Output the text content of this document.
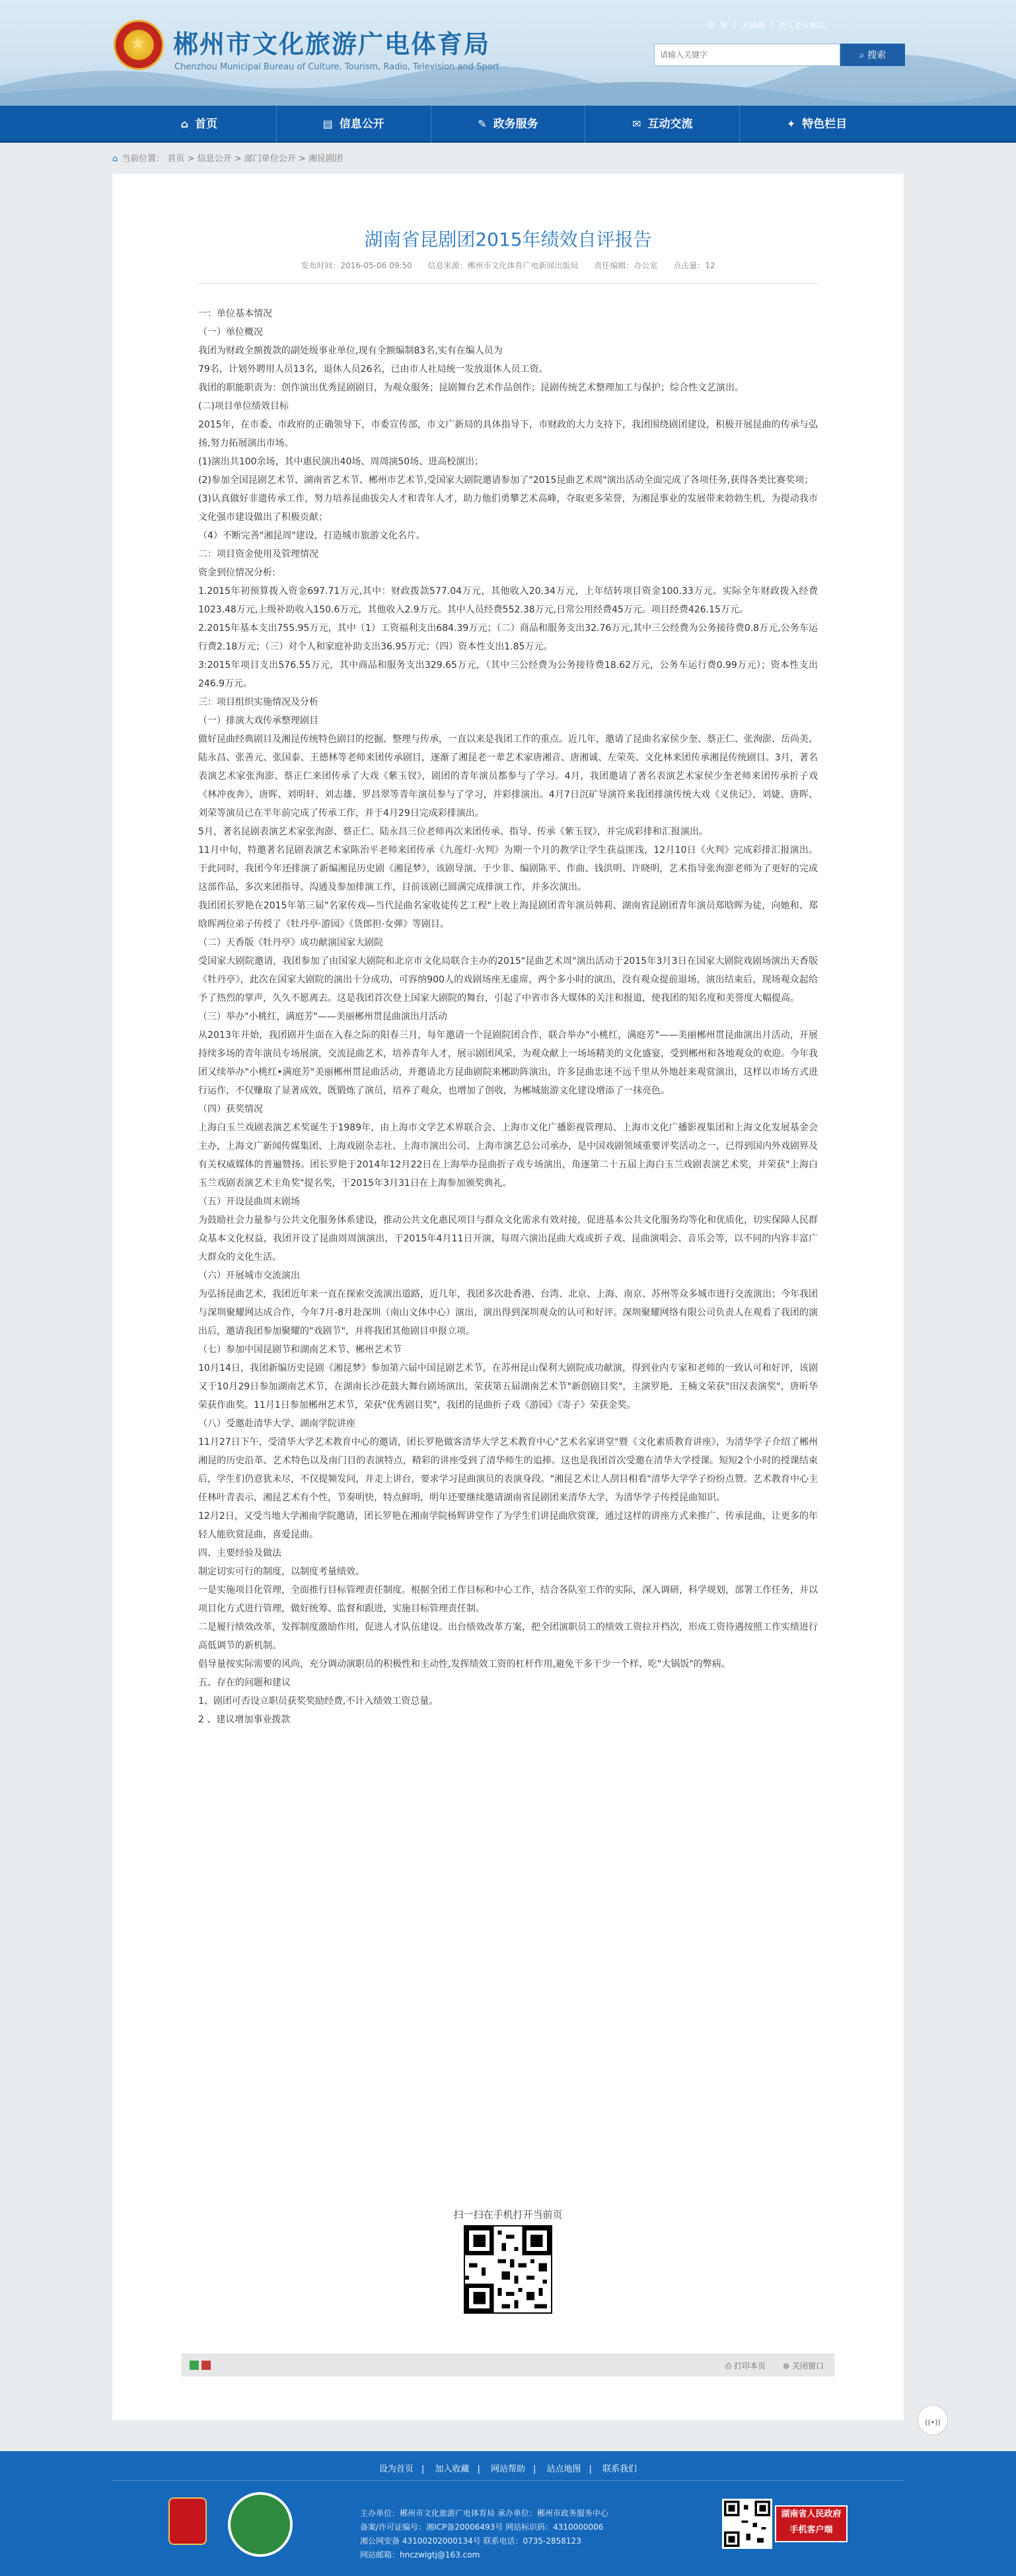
★ 郴州市文化旅游广电体育局
Chenzhou Municipal Bureau of Culture, Tourism, Radio, Television and Sport
简 繁 | 无障碍 | 进入老年模式
请输入关键字
⌕ 搜索
⌂ 首页	▤ 信息公开	✎ 政务服务	✉ 互动交流	✦ 特色栏目
⌂ 当前位置： 首页 > 信息公开 > 部门单位公开 > 湘昆剧团
湖南省昆剧团2015年绩效自评报告
发布时间：2016-05-06 09:50 信息来源：郴州市文化体育广电新闻出版局 责任编辑：办公室 点击量：12

一：单位基本情况

（一）单位概况

我团为财政全额拨款的副处级事业单位,现有全额编制83名,实有在编人员为

79名，计划外聘用人员13名，退休人员26名，已由市人社局统一发放退休人员工资。

我团的职能职责为：创作演出优秀昆剧剧目，为观众服务；昆剧舞台艺术作品创作；昆剧传统艺术整理加工与保护；综合性文艺演出。

(二)项目单位绩效目标

2015年，在市委、市政府的正确领导下，市委宣传部，市文广新局的具体指导下，市财政的大力支持下，我团围绕剧团建设，积极开展昆曲的传承与弘扬,努力拓展演出市场。

(1)演出共100余场，其中惠民演出40场、周周演50场、进高校演出；

(2)参加全国昆剧艺术节、湖南省艺术节、郴州市艺术节,受国家大剧院邀请参加了"2015昆曲艺术周"演出活动全面完成了各项任务,获得各类比赛奖项；

(3)认真做好非遗传承工作，努力培养昆曲拔尖人才和青年人才，助力他们勇攀艺术高峰，夺取更多荣誉，为湘昆事业的发展带来勃勃生机，为提动我市文化强市建设做出了积极贡献；

（4）不断完善"湘昆周"建设，打造城市旅游文化名片。

二：项目资金使用及管理情况

资金到位情况分析:

1.2015年初预算拨入资金697.71万元,其中：财政拨款577.04万元，其他收入20.34万元，上年结转项目资金100.33万元。实际全年财政拨入经费1023.48万元,上级补助收入150.6万元，其他收入2.9万元。其中人员经费552.38万元,日常公用经费45万元。项目经费426.15万元。

2.2015年基本支出755.95万元，其中（1）工资福利支出684.39万元；（二）商品和服务支出32.76万元,其中三公经费为公务接待费0.8万元,公务车运行费2.18万元；（三）对个人和家庭补助支出36.95万元；（四）资本性支出1.85万元。

3:2015年项目支出576.55万元，其中商品和服务支出329.65万元，（其中三公经费为公务接待费18.62万元，公务车运行费0.99万元）；资本性支出246.9万元。

三：项目组织实施情况及分析

（一）排演大戏传承整理剧目

做好昆曲经典剧目及湘昆传统特色剧目的挖掘、整理与传承，一直以来是我团工作的重点。近几年，邀请了昆曲名家侯少奎、蔡正仁、张洵澎、岳尚美、陆永昌、张善元、张国泰、王德林等老师来团传承剧目，逐渐了湘昆老一辈艺术家唐湘音、唐湘诚、左荣英、文化林来团传承湘昆传统剧目。3月，著名表演艺术家张洵澎、蔡正仁来团传承了大戏《紫玉钗》，剧团的青年演员都参与了学习。4月，我团邀请了著名表演艺术家侯少奎老师来团传承折子戏《林冲夜奔》，唐晖、刘明轩、刘志雄、罗昌翠等青年演员参与了学习，并彩排演出。4月7日沉矿导演符来我团排演传统大戏《义侠记》，刘婕、唐晖、刘荣等演员已在半年前完成了传承工作，并于4月29日完成彩排演出。

5月，著名昆剧表演艺术家张洵澎、蔡正仁、陆永昌三位老师再次来团传承、指导、传承《紫玉钗》，并完成彩排和汇报演出。

11月中旬，特邀著名昆剧表演艺术家陈治平老师来团传承《九莲灯·火判》为期一个月的教学让学生获益匪浅，12月10日《火判》完成彩排汇报演出。于此同时，我团今年还排演了新编湘昆历史剧《湘昆梦》，该剧导演、于少非、编剧陈平、作曲、钱洪明、许晓明，艺术指导张洵澎老师为了更好的完成这部作品，多次来团指导、沟通及参加排演工作，目前该剧已圆满完成排演工作，并多次演出。

我团团长罗艳在2015年第三届"名家传戏—当代昆曲名家收徒传艺工程"上收上海昆剧团青年演员韩莉、湖南省昆剧团青年演员郑晗晖为徒，向她和、郑晗晖两位弟子传授了《牡丹亭·游园》《货郎担·女弹》等剧目。

（二）天香版《牡丹亭》成功献演国家大剧院

受国家大剧院邀请，我团参加了由国家大剧院和北京市文化局联合主办的2015"昆曲艺术周"演出活动于2015年3月3日在国家大剧院戏剧场演出天香版《牡丹亭》，此次在国家大剧院的演出十分成功，可容纳900人的戏剧场座无虚席，两个多小时的演出，没有观众提前退场，演出结束后，现场观众起给予了热烈的掌声，久久不愿离去。这是我团首次登上国家大剧院的舞台，引起了中省市各大媒体的关注和报道，使我团的知名度和美誉度大幅提高。

（三）举办"小桃红，满庭芳"——美丽郴州贯昆曲演出月活动

从2013年开始，我团剧开生面在入春之际的阳春三月，每年邀请一个昆剧院团合作，联合举办"小桃红，满庭芳"——美丽郴州贯昆曲演出月活动，开展持续多场的青年演员专场展演，交流昆曲艺术，培养青年人才，展示剧团风采，为观众献上一场场精美的文化盛宴，受到郴州和各地观众的欢迎。今年我团又续举办"小桃红•满庭芳"美丽郴州贯昆曲活动，并邀请北方昆曲剧院来郴助阵演出，许多昆曲忠迷不远千里从外地赶来观赏演出，这样以市场方式进行运作，不仅赚取了显著成效，既锻炼了演员，培养了观众，也增加了创收，为郴城旅游文化建设增添了一抹亮色。

（四）获奖情况

上海白玉兰戏剧表演艺术奖诞生于1989年，由上海市文学艺术界联合会、上海市文化广播影视管理局、上海市文化广播影视集团和上海文化发展基金会主办，上海文广新闻传媒集团、上海戏剧杂志社、上海市演出公司、上海市演艺总公司承办，是中国戏剧领域重要评奖活动之一，已得到国内外戏剧界及有关权威媒体的普遍赞扬。团长罗艳于2014年12月22日在上海举办昆曲折子戏专场演出，角逐第二十五届上海白玉兰戏剧表演艺术奖，并荣获"上海白玉兰戏剧表演艺术主角奖"提名奖，于2015年3月31日在上海参加颁奖典礼。

（五）开设昆曲周末剧场

为鼓励社会力量参与公共文化服务体系建设，推动公共文化惠民项目与群众文化需求有效对接，促进基本公共文化服务均等化和优质化，切实保障人民群众基本文化权益，我团开设了昆曲周周演演出，于2015年4月11日开演，每周六演出昆曲大戏或折子戏、昆曲演唱会、音乐会等，以不同的内容丰富广大群众的文化生活。

（六）开展城市交流演出

为弘扬昆曲艺术，我团近年来一直在探索交流演出道路，近几年，我团多次赴香港、台湾、北京、上海、南京、苏州等众多城市进行交流演出；今年我团与深圳聚耀网达成合作，今年7月-8月赴深圳（南山文体中心）演出，演出得到深圳观众的认可和好评。深圳聚耀网络有限公司负责人在观看了我团的演出后，邀请我团参加聚耀的"戏剧节"，并将我团其他剧目申报立项。

（七）参加中国昆剧节和湖南艺术节、郴州艺术节

10月14日，我团新编历史昆剧《湘昆梦》参加第六届中国昆剧艺术节，在苏州昆山保利大剧院成功献演，得到业内专家和老师的一致认可和好评，该剧又于10月29日参加湖南艺术节，在湖南长沙花鼓大舞台剧场演出，荣获第五届湖南艺术节"新创剧目奖"，主演罗艳、王楠文荣获"田汉表演奖"，唐昕华荣获作曲奖。11月1日参加郴州艺术节，荣获"优秀剧目奖"，我团的昆曲折子戏《游园》《寄子》荣获金奖。

（八）受邀赴清华大学、湖南学院讲座

11月27日下午，受清华大学艺术教育中心的邀请，团长罗艳做客清华大学艺术教育中心"艺术名家讲堂"暨《文化素质教育讲座》，为清华学子介绍了郴州湘昆的历史沿革、艺术特色以及南门目的表演特点，精彩的讲座受到了清华师生的追捧。这也是我团首次受邀在清华大学授课。短短2个小时的授课结束后，学生们仍意犹未尽，不仅提频发问，并走上讲台，要求学习昆曲演员的表演身段。"湘昆艺术让人刮目相看"清华大学学子纷纷点赞。艺术教育中心主任林叶青表示，湘昆艺术有个性，节奏明快，特点鲜明，明年还要继续邀请湖南省昆剧团来清华大学，为清华学子传授昆曲知识。

12月2日，又受当地大学湘南学院邀请，团长罗艳在湘南学院杨辉讲堂作了为学生们讲昆曲欣赏课，通过这样的讲座方式来推广、传承昆曲，让更多的年轻人能欣赏昆曲，喜爱昆曲。

四、主要经验及做法

制定切实可行的制度，以制度考量绩效。

一是实施项目化管理，全面推行目标管理责任制度。根据全团工作目标和中心工作，结合各队室工作的实际，深入调研，科学规划，部署工作任务，并以项目化方式进行管理，做好统筹、监督和跟进，实施目标管理责任制。

二是履行绩效改革，发挥制度激励作用，促进人才队伍建设。出台绩效改革方案，把全团演职员工的绩效工资拉开档次，形成工资待遇按照工作实绩进行高低调节的新机制。

倡导量按实际需要的风尚，充分调动演职员的积极性和主动性,发挥绩效工资的杠杆作用,避免干多干少一个样、吃"大锅饭"的弊病。

五、存在的问题和建议

1、剧团可否设立职员获奖奖励经费,不计入绩效工资总量。

2 、建议增加事业拨款

扫一扫在手机打开当前页
⎙ 打印本页 ⊗ 关闭窗口
((•))
设为首页 | 加入收藏 | 网站帮助 | 站点地图 | 联系我们
主办单位：郴州市文化旅游广电体育局 承办单位：郴州市政务服务中心
备案/许可证编号：湘ICP备20006493号 网站标识码：4310000006
湘公网安备 43100202000134号 联系电话：0735-2858123
网站邮箱：hnczwlgtj@163.com
湖南省人民政府
手机客户端
